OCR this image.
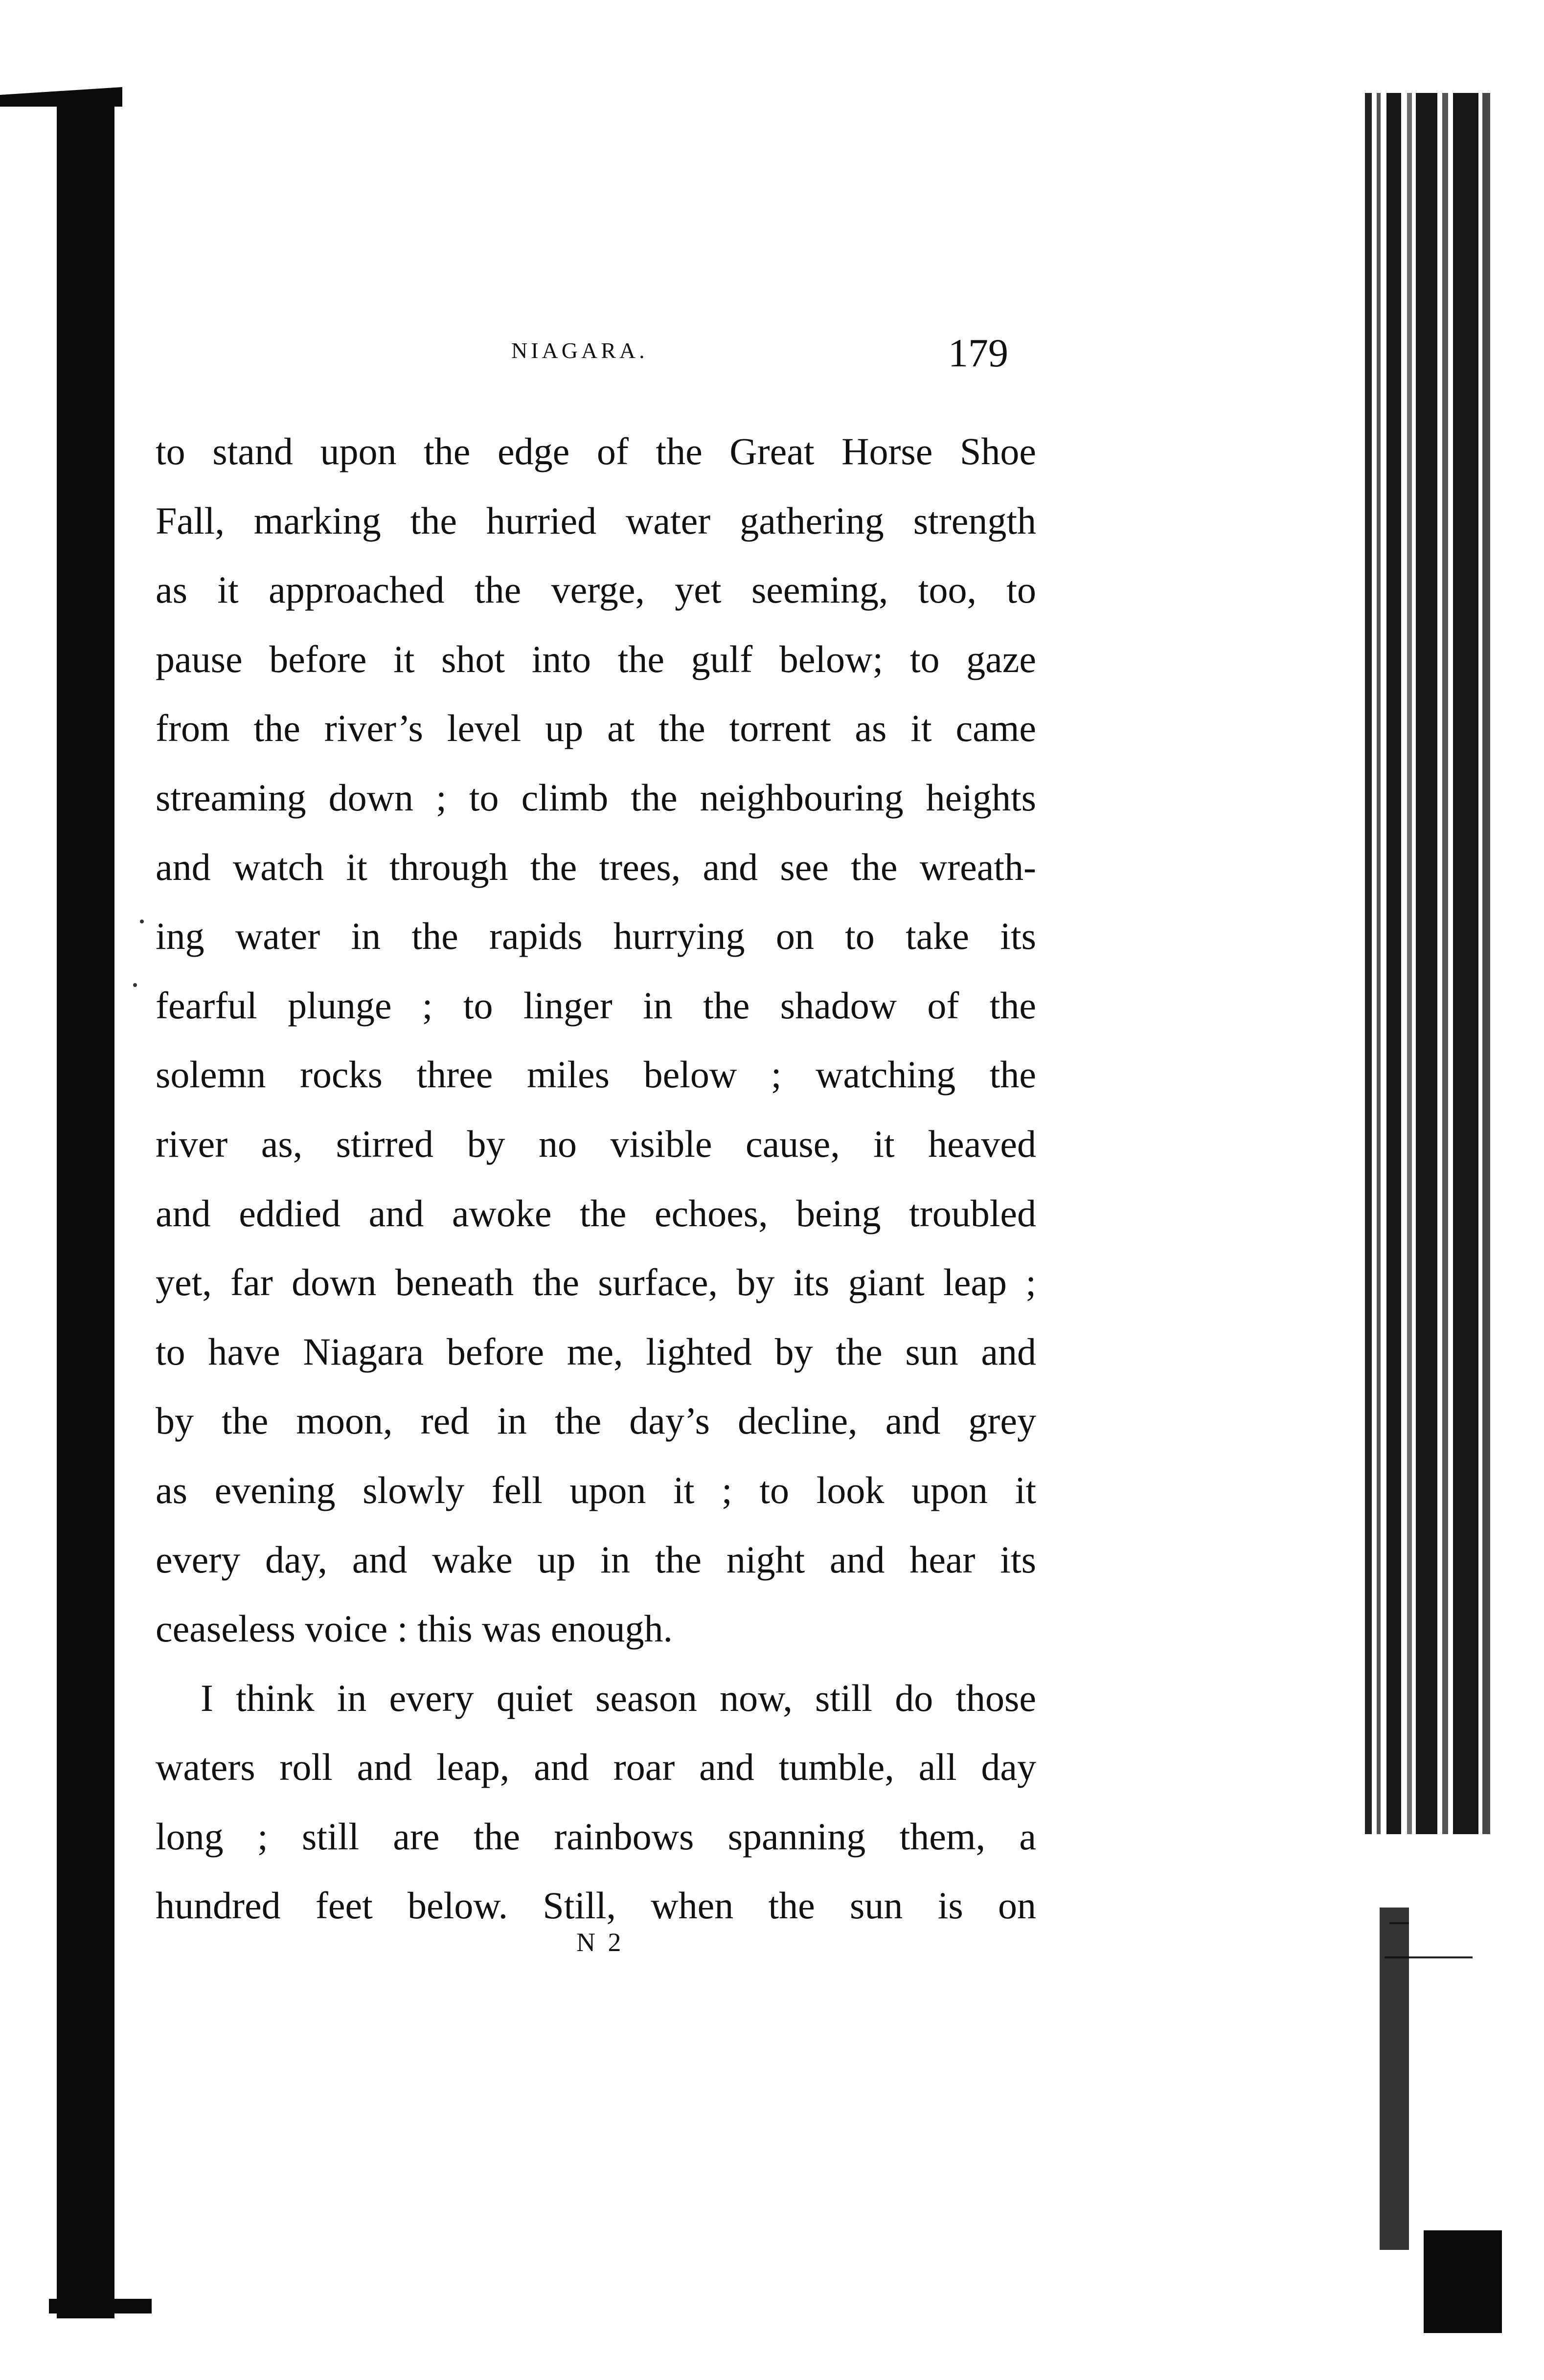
NIAGARA.	179
to stand upon the edge of the Great Horse Shoe
Fall, marking the hurried water gathering strength
as it approached the verge, yet seeming, too, to
pause before it shot into the gulf below; to gaze
from the river’s level up at the torrent as it came
streaming down ; to climb the neighbouring heights
and watch it through the trees, and see the wreath-
ing water in the rapids hurrying on to take its
fearful plunge ; to linger in the shadow of the
solemn rocks three miles below ; watching the
river as, stirred by no visible cause, it heaved
and eddied and awoke the echoes, being troubled
yet, far down beneath the surface, by its giant leap ;
to have Niagara before me, lighted by the sun and
by the moon, red in the day’s decline, and grey
as evening slowly fell upon it ; to look upon it
every day, and wake up in the night and hear its
ceaseless voice : this was enough.
I think in every quiet season now, still do those
waters roll and leap, and roar and tumble, all day
long ; still are the rainbows spanning them, a
hundred feet below. Still, when the sun is on
N 2
